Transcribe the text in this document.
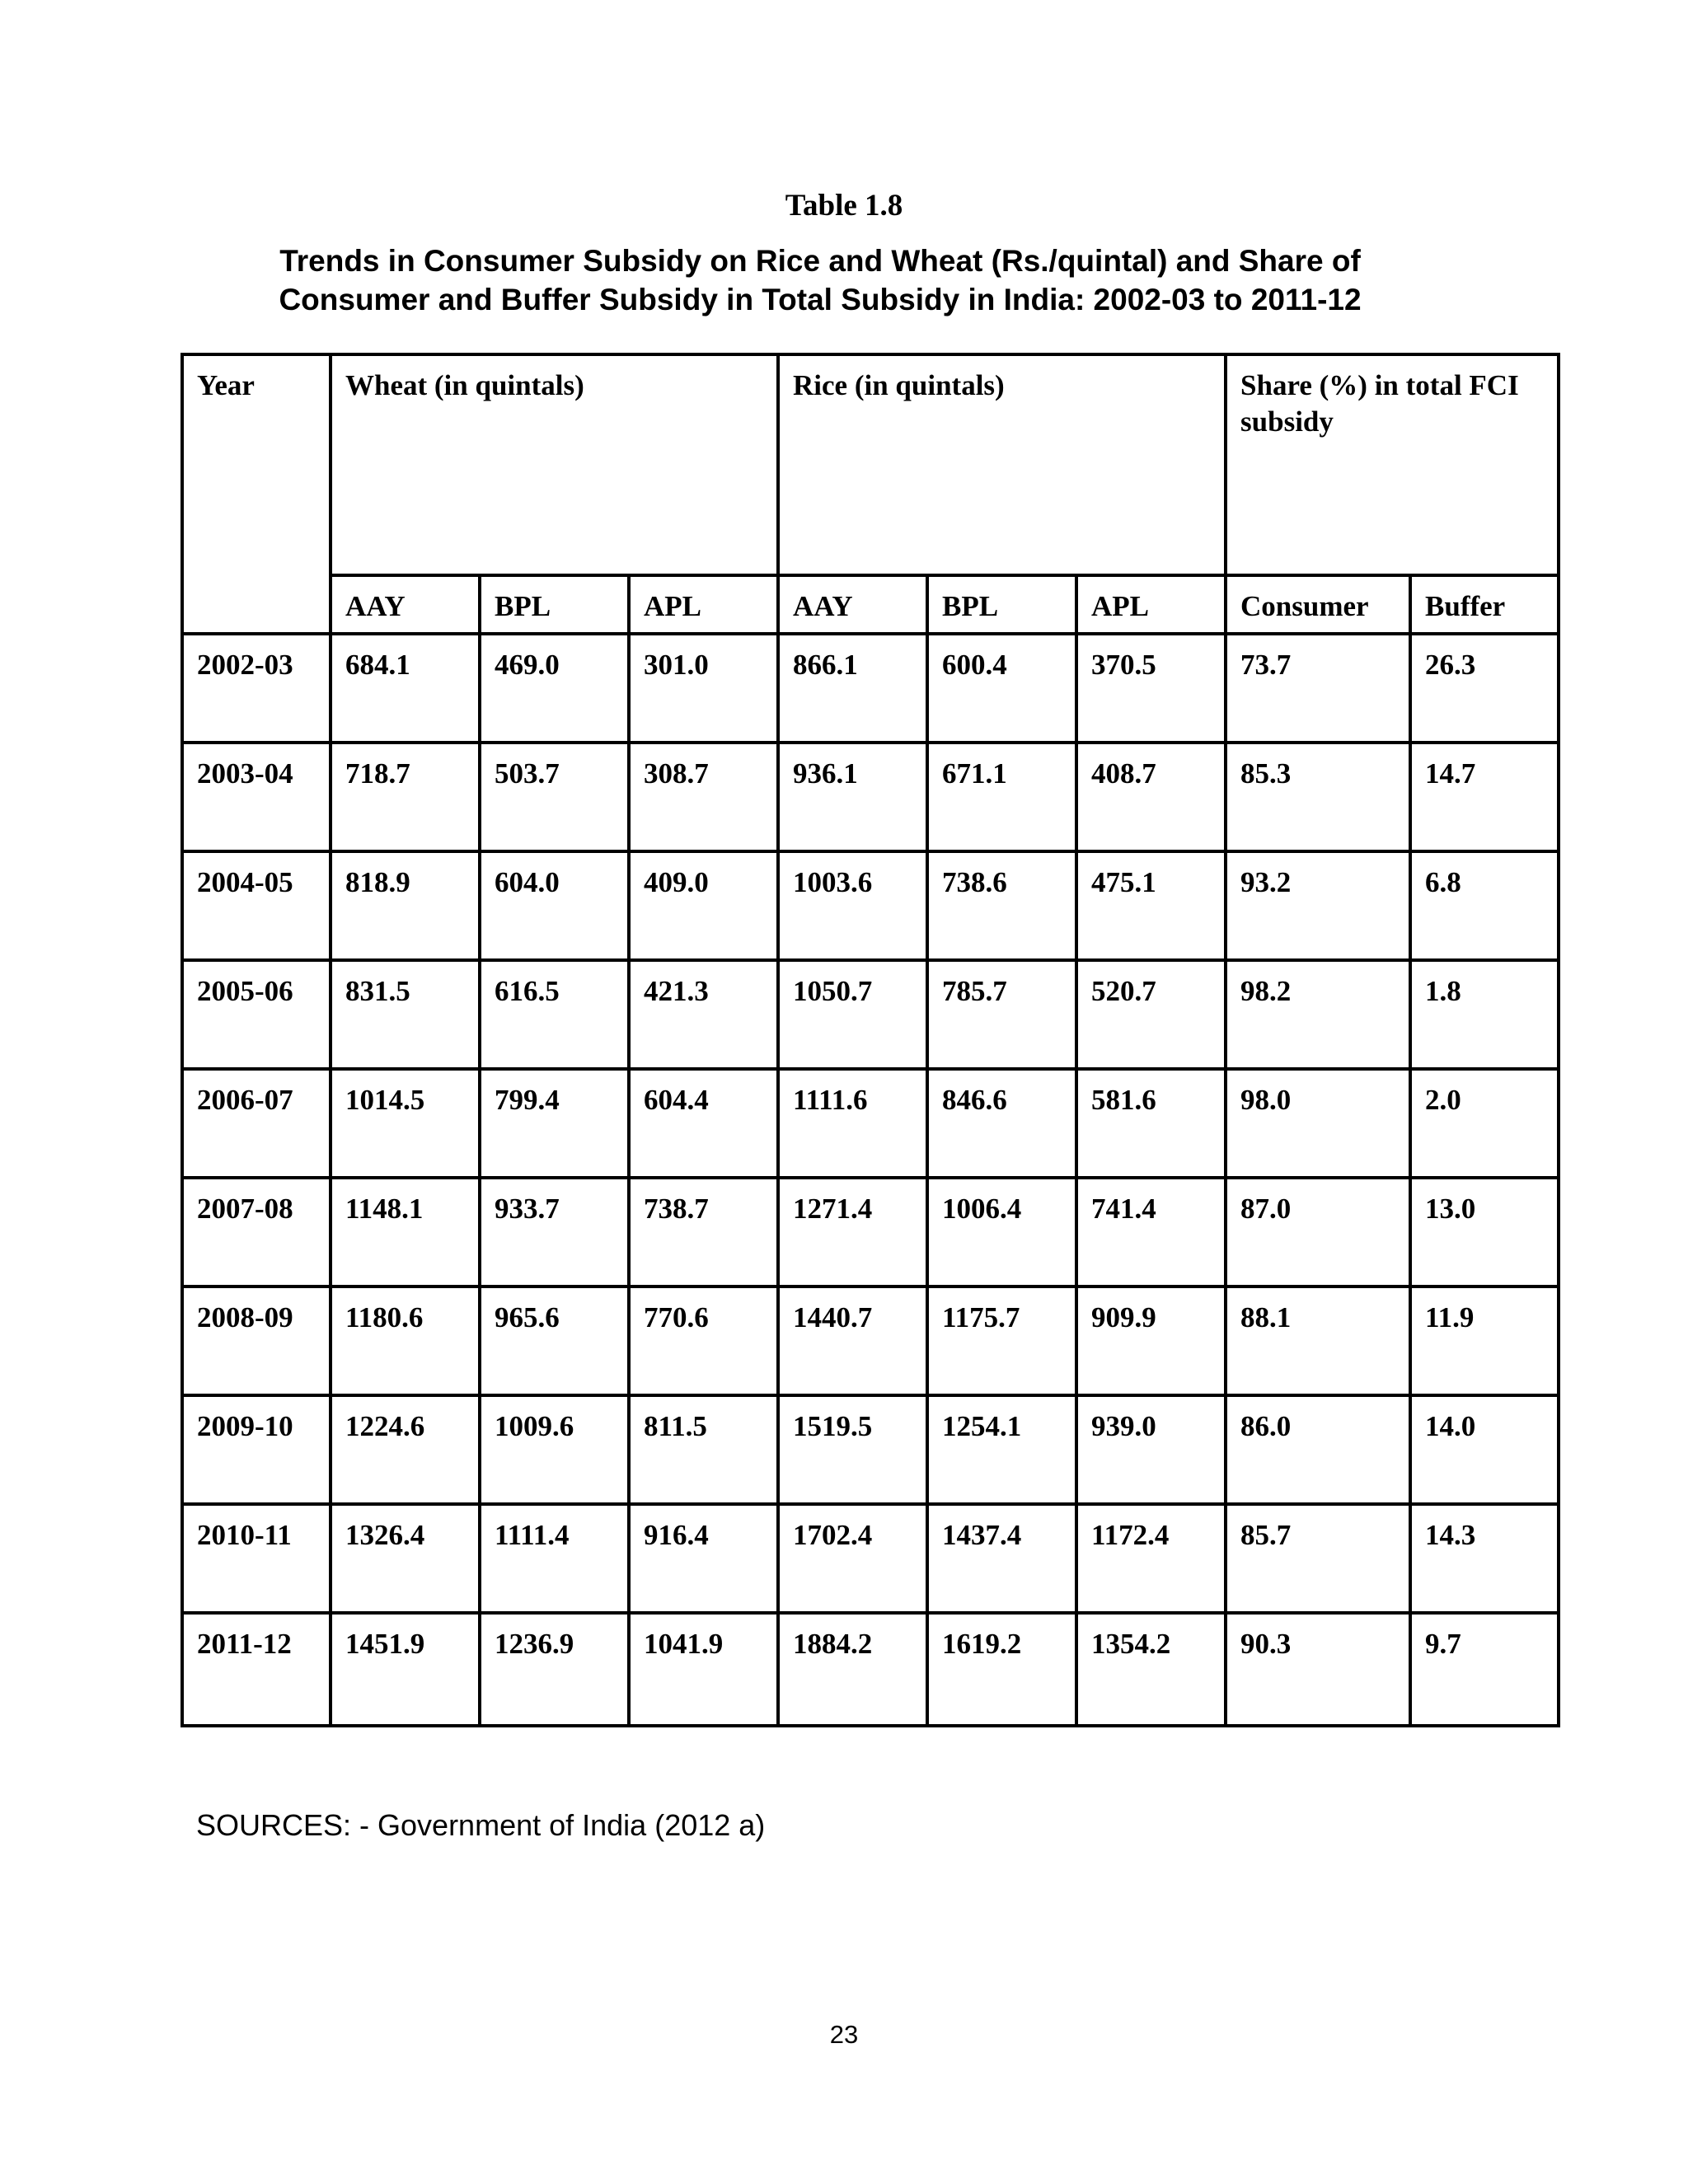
Table 1.8
Trends in Consumer Subsidy on Rice and Wheat (Rs./quintal) and Share of
Consumer and Buffer Subsidy in Total Subsidy in India: 2002-03 to 2011-12
Year	Wheat (in quintals)			Rice (in quintals)			Share (%) in total FCI subsidy	
	AAY	BPL	APL	AAY	BPL	APL	Consumer	Buffer
2002-03	684.1	469.0	301.0	866.1	600.4	370.5	73.7	26.3
2003-04	718.7	503.7	308.7	936.1	671.1	408.7	85.3	14.7
2004-05	818.9	604.0	409.0	1003.6	738.6	475.1	93.2	6.8
2005-06	831.5	616.5	421.3	1050.7	785.7	520.7	98.2	1.8
2006-07	1014.5	799.4	604.4	1111.6	846.6	581.6	98.0	2.0
2007-08	1148.1	933.7	738.7	1271.4	1006.4	741.4	87.0	13.0
2008-09	1180.6	965.6	770.6	1440.7	1175.7	909.9	88.1	11.9
2009-10	1224.6	1009.6	811.5	1519.5	1254.1	939.0	86.0	14.0
2010-11	1326.4	1111.4	916.4	1702.4	1437.4	1172.4	85.7	14.3
2011-12	1451.9	1236.9	1041.9	1884.2	1619.2	1354.2	90.3	9.7
SOURCES: - Government of India (2012 a)
23
